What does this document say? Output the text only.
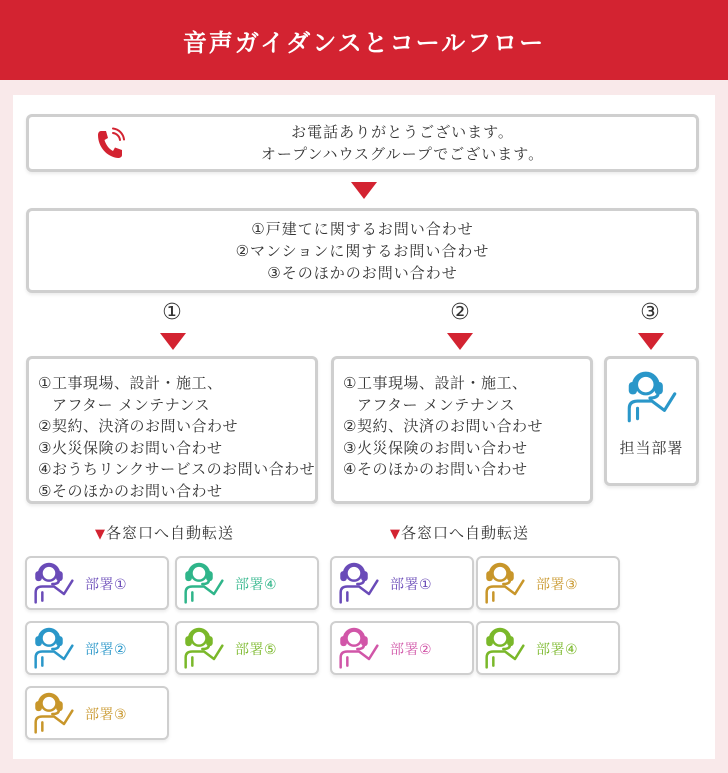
音声ガイダンスとコールフロー
お電話ありがとうございます。
オープンハウスグループでございます。
①戸建てに関するお問い合わせ
②マンションに関するお問い合わせ
③そのほかのお問い合わせ
①	②	③
①工事現場、設計・施工、
アフター メンテナンス
②契約、決済のお問い合わせ
③火災保険のお問い合わせ
④おうちリンクサービスのお問い合わせ
⑤そのほかのお問い合わせ
①工事現場、設計・施工、
アフター メンテナンス
②契約、決済のお問い合わせ
③火災保険のお問い合わせ
④そのほかのお問い合わせ
担当部署
▼各窓口へ自動転送	▼各窓口へ自動転送
部署①	部署④
部署②	部署⑤
部署③
部署①	部署③
部署②	部署④
